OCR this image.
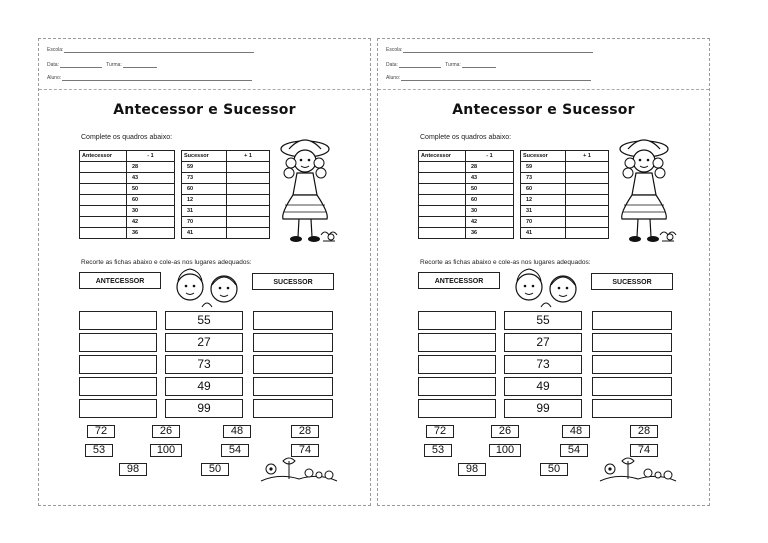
Escola:
Data:	Turma:
Aluno:
Antecessor e Sucessor
Complete os quadros abaixo:
Antecessor	- 1
	28
	43
	50
	60
	30
	42
	36
Sucessor	+ 1
59	
73	
60	
12	
31	
70	
41	
Recorte as fichas abaixo e cole-as nos lugares adequados:
ANTECESSOR	SUCESSOR
55
27
73
49
99
72	26	48	28
53	100	54	74
98	50
Escola:
Data:	Turma:
Aluno:
Antecessor e Sucessor
Complete os quadros abaixo:
Antecessor	- 1
	28
	43
	50
	60
	30
	42
	36
Sucessor	+ 1
59	
73	
60	
12	
31	
70	
41	
Recorte as fichas abaixo e cole-as nos lugares adequados:
ANTECESSOR	SUCESSOR
55
27
73
49
99
72	26	48	28
53	100	54	74
98	50
